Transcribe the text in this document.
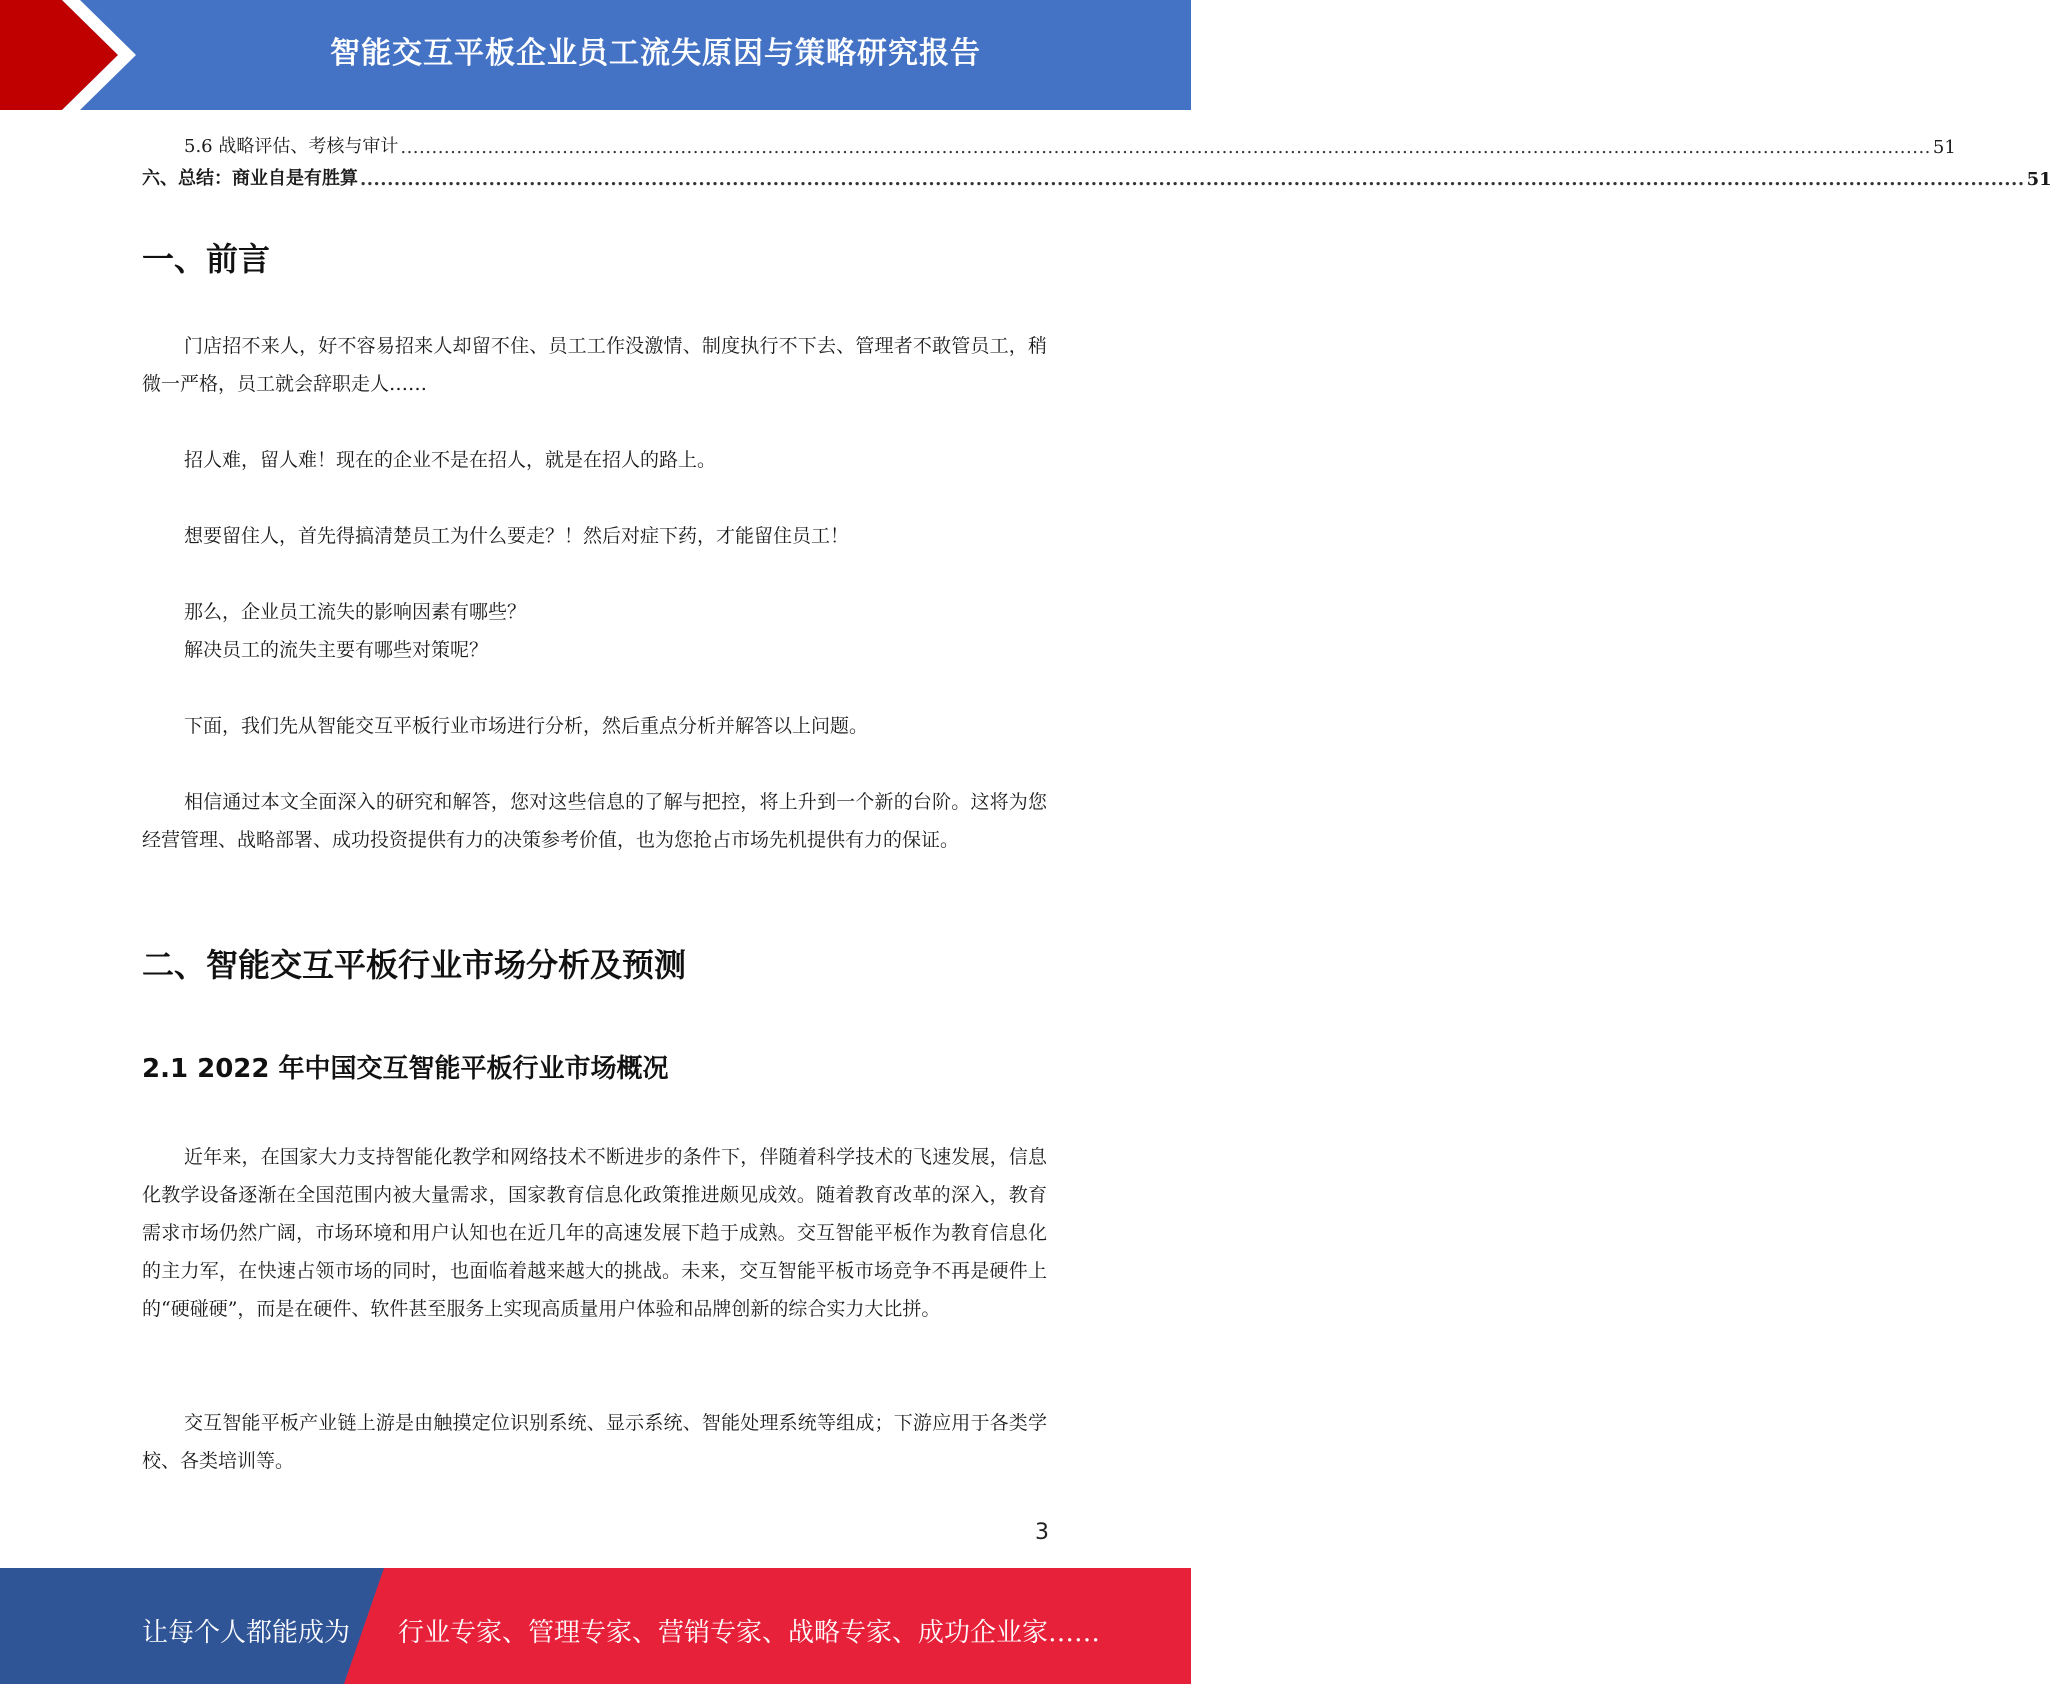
智能交互平板企业员工流失原因与策略研究报告
5.6 战略评估、考核与审计 ...................................................................................................................................................................................................................................................... 51
六、总结：商业自是有胜算 ...................................................................................................................................................................................................................................................... 51
一、前言

门店招不来人，好不容易招来人却留不住、员工工作没激情、制度执行不下去、管理者不敢管员工，稍微一严格，员工就会辞职走人……

招人难，留人难！现在的企业不是在招人，就是在招人的路上。

想要留住人，首先得搞清楚员工为什么要走？！然后对症下药，才能留住员工！

那么，企业员工流失的影响因素有哪些？

解决员工的流失主要有哪些对策呢？

下面，我们先从智能交互平板行业市场进行分析，然后重点分析并解答以上问题。

相信通过本文全面深入的研究和解答，您对这些信息的了解与把控，将上升到一个新的台阶。这将为您经营管理、战略部署、成功投资提供有力的决策参考价值，也为您抢占市场先机提供有力的保证。

二、智能交互平板行业市场分析及预测
2.1 2022 年中国交互智能平板行业市场概况

近年来，在国家大力支持智能化教学和网络技术不断进步的条件下，伴随着科学技术的飞速发展，信息化教学设备逐渐在全国范围内被大量需求，国家教育信息化政策推进颇见成效。随着教育改革的深入，教育需求市场仍然广阔，市场环境和用户认知也在近几年的高速发展下趋于成熟。交互智能平板作为教育信息化的主力军，在快速占领市场的同时，也面临着越来越大的挑战。未来，交互智能平板市场竞争不再是硬件上的“硬碰硬”，而是在硬件、软件甚至服务上实现高质量用户体验和品牌创新的综合实力大比拼。

交互智能平板产业链上游是由触摸定位识别系统、显示系统、智能处理系统等组成；下游应用于各类学校、各类培训等。

3
让每个人都能成为 行业专家、管理专家、营销专家、战略专家、成功企业家……
